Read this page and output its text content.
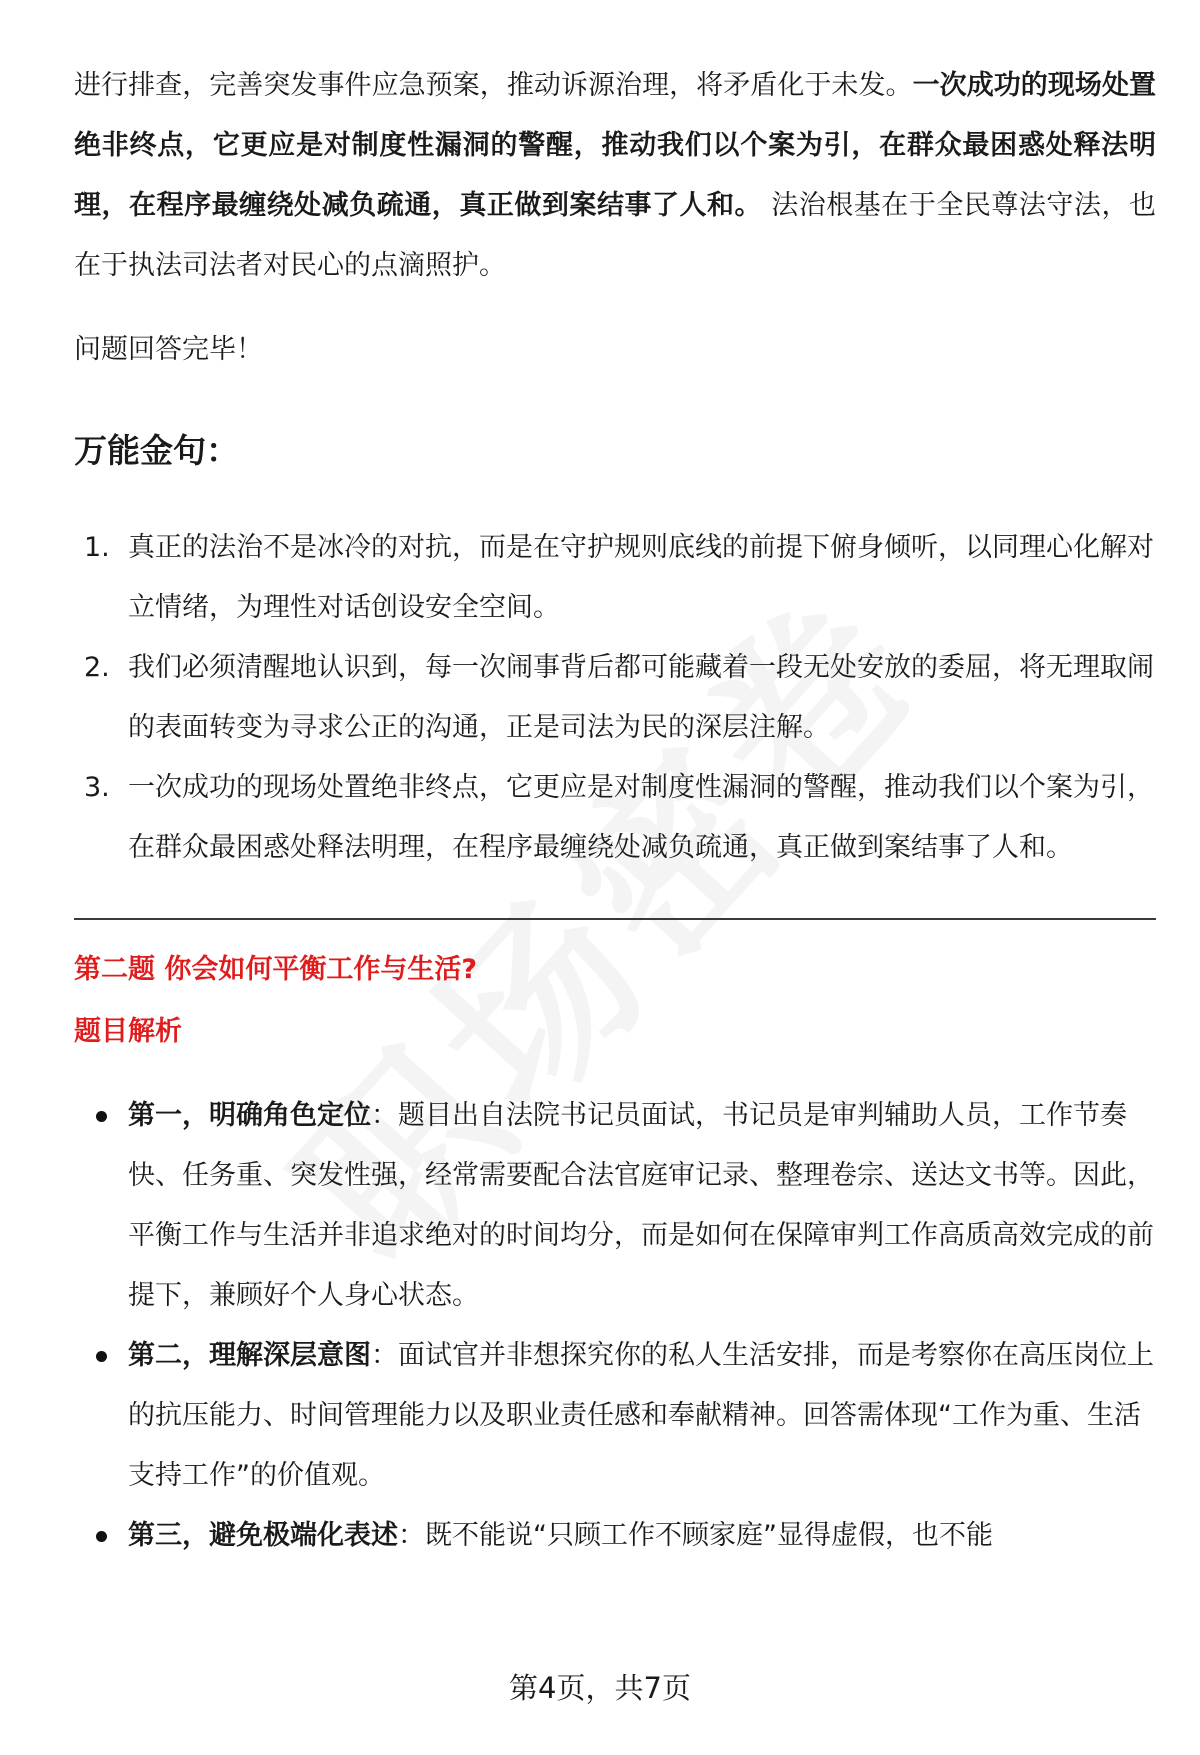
进行排查，完善突发事件应急预案，推动诉源治理，将矛盾化于未发。一次成功的现场处置绝非终点，它更应是对制度性漏洞的警醒，推动我们以个案为引，在群众最困惑处释法明理，在程序最缠绕处减负疏通，真正做到案结事了人和。 法治根基在于全民尊法守法，也在于执法司法者对民心的点滴照护。

问题回答完毕！

万能金句：
1. 真正的法治不是冰冷的对抗，而是在守护规则底线的前提下俯身倾听，以同理心化解对立情绪，为理性对话创设安全空间。
2. 我们必须清醒地认识到，每一次闹事背后都可能藏着一段无处安放的委屈，将无理取闹的表面转变为寻求公正的沟通，正是司法为民的深层注解。
3. 一次成功的现场处置绝非终点，它更应是对制度性漏洞的警醒，推动我们以个案为引，在群众最困惑处释法明理，在程序最缠绕处减负疏通，真正做到案结事了人和。
第二题 你会如何平衡工作与生活?
题目解析
第一，明确角色定位：题目出自法院书记员面试，书记员是审判辅助人员，工作节奏快、任务重、突发性强，经常需要配合法官庭审记录、整理卷宗、送达文书等。因此，平衡工作与生活并非追求绝对的时间均分，而是如何在保障审判工作高质高效完成的前提下，兼顾好个人身心状态。
第二，理解深层意图：面试官并非想探究你的私人生活安排，而是考察你在高压岗位上的抗压能力、时间管理能力以及职业责任感和奉献精神。回答需体现“工作为重、生活支持工作”的价值观。
第三，避免极端化表述：既不能说“只顾工作不顾家庭”显得虚假，也不能
第4页，共7页
